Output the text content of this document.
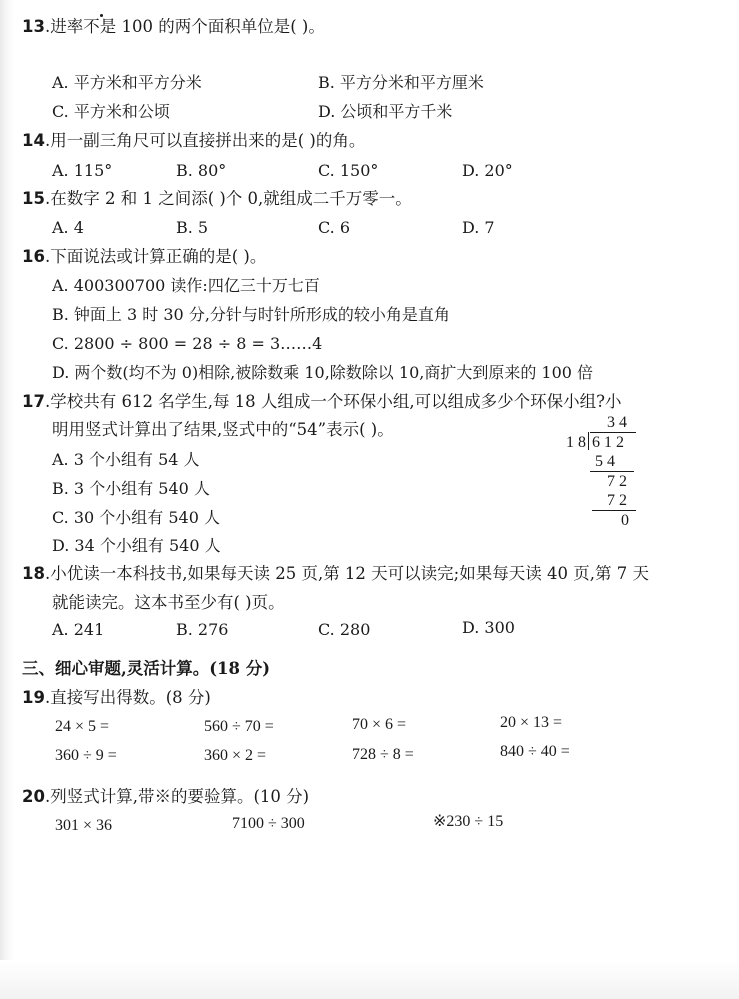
13.进率不是 100 的两个面积单位是( )。
A. 平方米和平方分米	B. 平方分米和平方厘米
C. 平方米和公顷	D. 公顷和平方千米
14.用一副三角尺可以直接拼出来的是( )的角。
A. 115°	B. 80°	C. 150°	D. 20°
15.在数字 2 和 1 之间添( )个 0,就组成二千万零一。
A. 4	B. 5	C. 6	D. 7
16.下面说法或计算正确的是( )。
A. 400300700 读作:四亿三十万七百
B. 钟面上 3 时 30 分,分针与时针所形成的较小角是直角
C. 2800 ÷ 800 = 28 ÷ 8 = 3……4
D. 两个数(均不为 0)相除,被除数乘 10,除数除以 10,商扩大到原来的 100 倍
17.学校共有 612 名学生,每 18 人组成一个环保小组,可以组成多少个环保小组?小
明用竖式计算出了结果,竖式中的“54”表示( )。
A. 3 个小组有 54 人
B. 3 个小组有 540 人
C. 30 个小组有 540 人
D. 34 个小组有 540 人
34
18 612
54
72
72
0
18.小优读一本科技书,如果每天读 25 页,第 12 天可以读完;如果每天读 40 页,第 7 天
就能读完。这本书至少有( )页。
A. 241	B. 276	C. 280	D. 300
三、细心审题,灵活计算。(18 分)
19.直接写出得数。(8 分)
24 × 5 =	560 ÷ 70 =	70 × 6 =	20 × 13 =
360 ÷ 9 =	360 × 2 =	728 ÷ 8 =	840 ÷ 40 =
20.列竖式计算,带※的要验算。(10 分)
301 × 36	7100 ÷ 300	※230 ÷ 15
